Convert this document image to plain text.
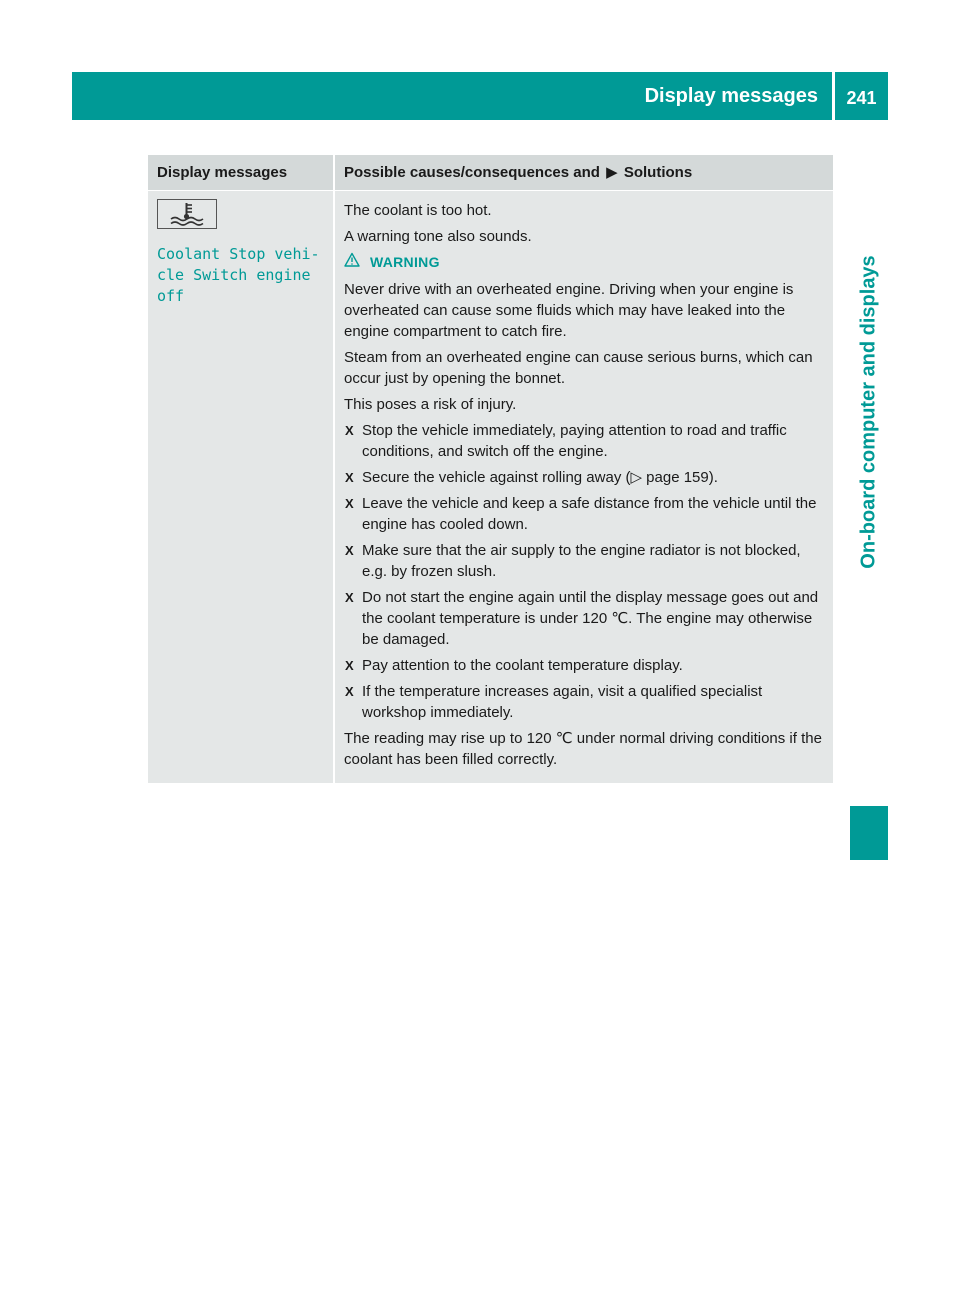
Display messages	241
On-board computer and displays
Display messages	Possible causes/consequences and ▶ Solutions
Coolant Stop vehi‐
cle Switch engine
off

The coolant is too hot.

A warning tone also sounds.

WARNING

Never drive with an overheated engine. Driving when your engine is overheated can cause some fluids which may have leaked into the engine compartment to catch fire.

Steam from an overheated engine can cause serious burns, which can occur just by opening the bonnet.

This poses a risk of injury.

X Stop the vehicle immediately, paying attention to road and traffic conditions, and switch off the engine.
X Secure the vehicle against rolling away (▷ page 159).
X Leave the vehicle and keep a safe distance from the vehicle until the engine has cooled down.
X Make sure that the air supply to the engine radiator is not blocked, e.g. by frozen slush.
X Do not start the engine again until the display message goes out and the coolant temperature is under 120 ℃. The engine may otherwise be damaged.
X Pay attention to the coolant temperature display.
X If the temperature increases again, visit a qualified specialist workshop immediately.

The reading may rise up to 120 ℃ under normal driving conditions if the coolant has been filled correctly.
